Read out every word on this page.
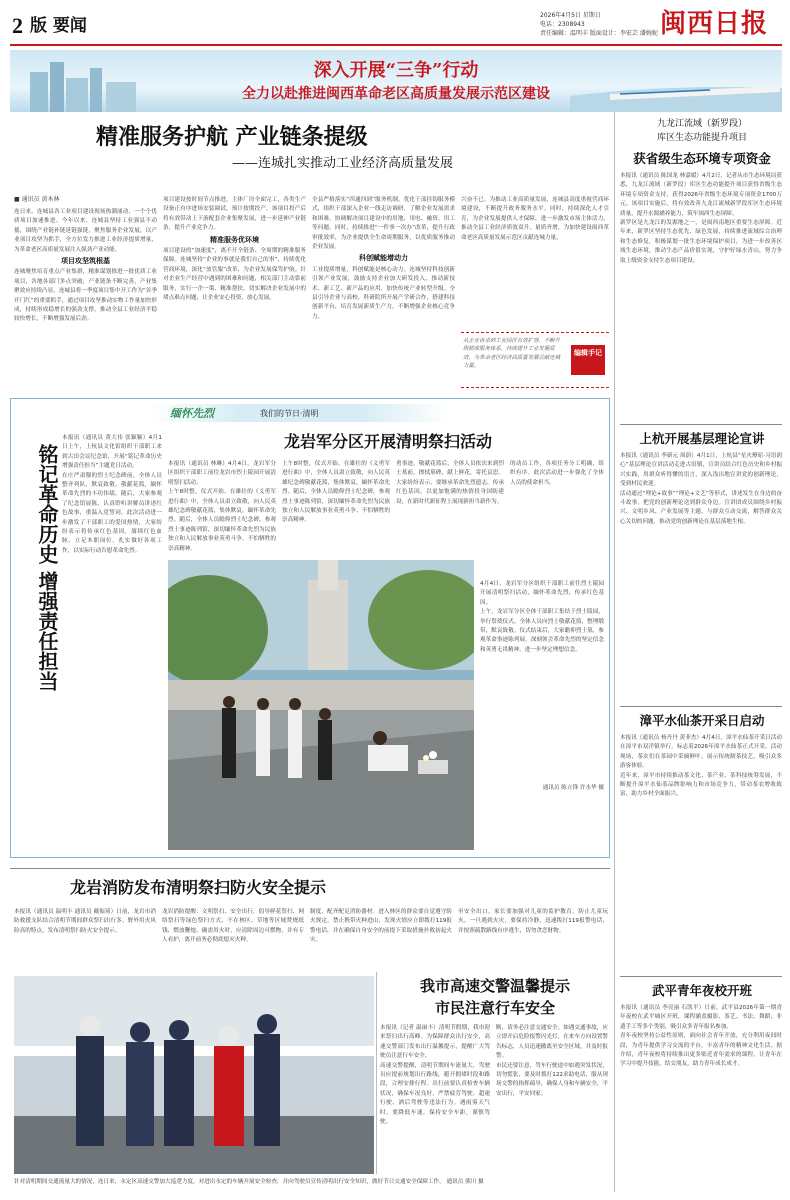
2 版 要闻
2026年4月5日 星期日
电话：2308943
责任编辑：温明丰 版面设计：李宏芸 潘婉妮 闽西日报
深入开展“三争”行动
全力以赴推进闽西革命老区高质量发展示范区建设
精准服务护航 产业链条提级
——连城扎实推动工业经济高质量发展
■ 通讯员 黄木林

连日来，连城县各工业项目建设现场热潮涌动，一个个优质项目加速推进。今年以来，连城县坚持工业强县不动摇，围绕产业链补链延链强链，聚焦服务企业发展，以产业项目攻坚为抓手，全方位发力推进工业经济提质增量，为革命老区高质量发展注入强劲产业动能。

项目攻坚筑根基

连城聚焦培育重点产业集群，精准谋划推进一批优质工业项目，各地各部门多点突破，产业链条不断完善，产业集聚效应持续凸显。连城县将一季度项目集中开工作为“首季开门红”的重要抓手，通过项目攻坚推动实物工作量加快形成，持续形成稳增长的强劲支撑，推动全县工业经济平稳较快增长，不断增强发展后劲。

项目建设按时间节点推进，主体厂房全面完工，各类生产设备正有序进场安装调试，预计按期投产。该项目投产后将有效带动上下游配套企业集聚发展，进一步延伸产业链条，提升产业竞争力。

精准服务优环境

项目建设的“加速度”，离不开全链条、全周期的精准服务保障。连城坚持“企业的事就是我们自己的事”，持续优化营商环境，深化“放管服”改革，为企业发展保驾护航。针对企业生产经营中遇到的困难和问题，相关部门主动靠前服务，实行一企一策、精准帮扶，切实解决企业发展中的堵点难点问题，让企业安心投资、放心发展。

全县严格落实“四通四到”服务机制，优化干部挂钩服务模式，组织干部深入企业一线走访调研，了解企业发展需求和困难，协调解决项目建设中的用地、用电、融资、用工等问题。同时，持续推进“一件事一次办”改革，提升行政审批效率，为企业提供全生命周期服务，以优质服务推动企业发展。

科创赋能增动力

工业提质增量，科创赋能是核心动力。连城坚持科技创新引领产业发展，鼓励支持企业加大研发投入，推动新技术、新工艺、新产品的应用，加快传统产业转型升级。全县引导企业与高校、科研院所开展产学研合作，搭建科技创新平台，培育发展新质生产力，不断增强企业核心竞争力。

兴奋不已。为推动工业高质量发展，连城县高度重视营商环境建设，不断提升政务服务水平。同时，持续深化人才引育，为企业发展提供人才保障，进一步激发市场主体活力，推动全县工业经济质效双升、量质齐增，为加快建设闽西革命老区高质量发展示范区贡献连城力量。
从企业诉求到工业园区有效扩容，不断升级精准服务体系，持续提升工业发展质效，为革命老区经济高质量发展贡献连城力量。
编辑手记
缅怀先烈	我们的节日·清明
铭记革命历史 增强责任担当

本报讯（通讯员 黄大伟 张颖颖）4月1日上午，上杭县文化馆组织干部职工来到古田会议纪念馆，开展“铭记革命历史 增强责任担当”主题党日活动。

在庄严肃穆的烈士纪念碑前，全体人员整齐列队，默哀致敬，敬献花篮，缅怀革命先烈的丰功伟绩。随后，大家参观了纪念馆展陈，认真聆听讲解员讲述红色故事，重温入党誓词。此次活动进一步激发了干部职工的爱国热情，大家纷纷表示将传承红色基因，赓续红色血脉，立足本职岗位，扎实做好各项工作，以实际行动告慰革命先烈。

龙岩军分区开展清明祭扫活动

本报讯（通讯员 林琳）4月4日，龙岩军分区组织干部职工前往龙岩市烈士陵园开展清明祭扫活动。

上午8时整，仪式开始。在雄壮的《义勇军进行曲》中，全体人员肃立致敬，向人民英雄纪念碑敬献花篮，集体默哀，缅怀革命先烈。随后，全体人员瞻仰烈士纪念碑，参观烈士事迹陈列馆，深切缅怀革命先烈为民族独立和人民解放事业英勇斗争、不怕牺牲的崇高精神。

上午8时整，仪式开始。在雄壮的《义勇军进行曲》中，全体人员肃立致敬，向人民英雄纪念碑敬献花篮，集体默哀，缅怀革命先烈。随后，全体人员瞻仰烈士纪念碑，参观烈士事迹陈列馆，深切缅怀革命先烈为民族独立和人民解放事业英勇斗争、不怕牺牲的崇高精神。
勇事迹。敬献花篮后，全体人员依次来到烈士墓前，擦拭墓碑，献上鲜花，寄托哀思。大家纷纷表示，要继承革命先烈遗志，传承红色基因，以更加饱满的热情投身国防建设，在新时代新征程上展现新担当新作为。
的动员工作，各项任务分工明确，组织有序。此次活动进一步强化了全体人员的使命担当。

4月4日，龙岩军分区组织干部职工前往烈士陵园开展清明祭扫活动，缅怀革命先烈，传承红色基因。

上午，龙岩军分区全体干部职工集结于烈士陵园，举行祭奠仪式。全体人员向烈士敬献花篮，整理缎带，默哀致敬。仪式结束后，大家瞻仰烈士墓，参观革命事迹陈列展，深刻领会革命先烈的坚定信念和英勇无畏精神，进一步坚定理想信念。

通讯员 陈立锋 许水华 摄
龙岩消防发布清明祭扫防火安全提示
本报讯（通讯员 温明丰 通讯员 戴振琦）日前，龙岩市消防救援支队结合清明节期间群众祭扫出行多、野外用火风险高的特点，发布清明祭扫防火安全提示。
龙岩消防提醒：文明祭扫、安全出行，倡导鲜花祭扫、网络祭扫等绿色祭扫方式，不在林区、草地等区域焚烧纸钱、燃放鞭炮。确需用火时，应清除周边可燃物，并有专人看护，离开前务必彻底熄灭火种。
制度，配齐配足消防器材。进入林区的群众要自觉遵守防火规定，禁止携带火种进山，发现火情应立即拨打119报警电话，并在确保自身安全的前提下采取措施扑救初起火灾。
至安全出口。家长要加强对儿童的监护教育，防止儿童玩火。一旦遇到火灾，要保持冷静，迅速拨打119报警电话，并按照疏散路线有序逃生，切勿贪恋财物。
针对清明期间交通流量大的情况，连日来，永定区高速交警加大巡逻力度，对进出永定的车辆开展安全检查，并向驾驶员宣传清明出行安全知识，做好节日交通安全保障工作。 通讯员 熊川 摄
我市高速交警温馨提示
市民注意行车安全

本报讯（记者 温丽丰）清明节假期，我市迎来祭扫出行高峰。为保障群众出行安全，高速交警部门发布出行温馨提示，提醒广大驾驶员注意行车安全。

高速交警提醒，清明节期间车流量大，驾驶员应提前规划出行路线，避开拥堵时段和路段，合理安排行程。出行前要认真检查车辆状况，确保车况良好，严禁疲劳驾驶、超速行驶、酒后驾驶等违法行为。遇雨雾天气时，要降低车速，保持安全车距，谨慎驾驶。

断，请务必注意交通安全。如遇交通事故，应立即开启危险报警闪光灯，在来车方向设置警告标志，人员迅速撤离至安全区域，并及时报警。

市民还要注意，驾车行驶途中如遇突发状况，切勿慌张，要及时拨打122求助电话，服从现场交警的指挥疏导，确保人身和车辆安全，平安出行，平安回家。

九龙江流域（新罗段）
库区生态功能提升项目
获省级生态环境专项资金

本报讯（通讯员 陈国龙 林嘉媛）4月2日，记者从市生态环境局获悉，九龙江流域（新罗段）库区生态功能提升项目获得省级生态环境专项资金支持，获得2026年省级生态环境专项资金1700万元。该项目实施后，将有效改善九龙江流域新罗段库区生态环境质量，提升水源涵养能力，筑牢闽西生态屏障。

新罗区是九龙江的发源地之一，是闽西南地区重要生态屏障。近年来，新罗区坚持生态优先、绿色发展，持续推进流域综合治理和生态修复，积极谋划一批生态环境保护项目，为进一步改善区域生态环境，推动生态产品价值实现，守护好绿水青山，努力争取上级资金支持生态项目建设。

上杭开展基层理论宣讲

本报讯（通讯员 李新元 周蔚）4月1日，上杭县“星火燎原·习语润心”基层理论宣讲活动走进古田镇，宣讲员结合红色历史和乡村振兴实践，用群众听得懂的语言，深入浅出地宣讲党的创新理论，受到村民欢迎。

活动通过“理论+故事”“理论+文艺”等形式，讲述发生在身边的奋斗故事，把党的创新理论送到群众身边。宣讲团成员围绕乡村振兴、文明乡风、产业发展等主题，与群众互动交流，解答群众关心关切的问题，推动党的创新理论在基层落地生根。

漳平水仙茶开采日启动

本报讯（通讯员 杨丹丹 黄菲杰）4月4日，漳平水仙茶开采日活动在漳平市双洋镇举行，标志着2026年漳平水仙茶正式开采。活动现场，茶农们在茶园中采摘鲜叶，展示传统制茶技艺，吸引众多游客体验。

近年来，漳平市持续推动茶文化、茶产业、茶科技统筹发展，不断提升漳平水仙茶品牌影响力和市场竞争力，带动茶农增收致富，助力乡村全面振兴。

武平青年夜校开班

本报讯（通讯员 李亮丽 石凯平）日前，武平县2026年第一期青年夜校在武平城区开班，课程涵盖摄影、茶艺、书法、舞蹈、非遗手工等多个类别，吸引众多青年报名参加。

青年夜校坚持公益性原则，面向社会青年开放，充分利用夜间时段，为青年提供学习交流的平台，丰富青年的精神文化生活。据介绍，青年夜校将持续推出更多贴近青年需求的课程，让青年在学习中提升技能、结交朋友，助力青年成长成才。
